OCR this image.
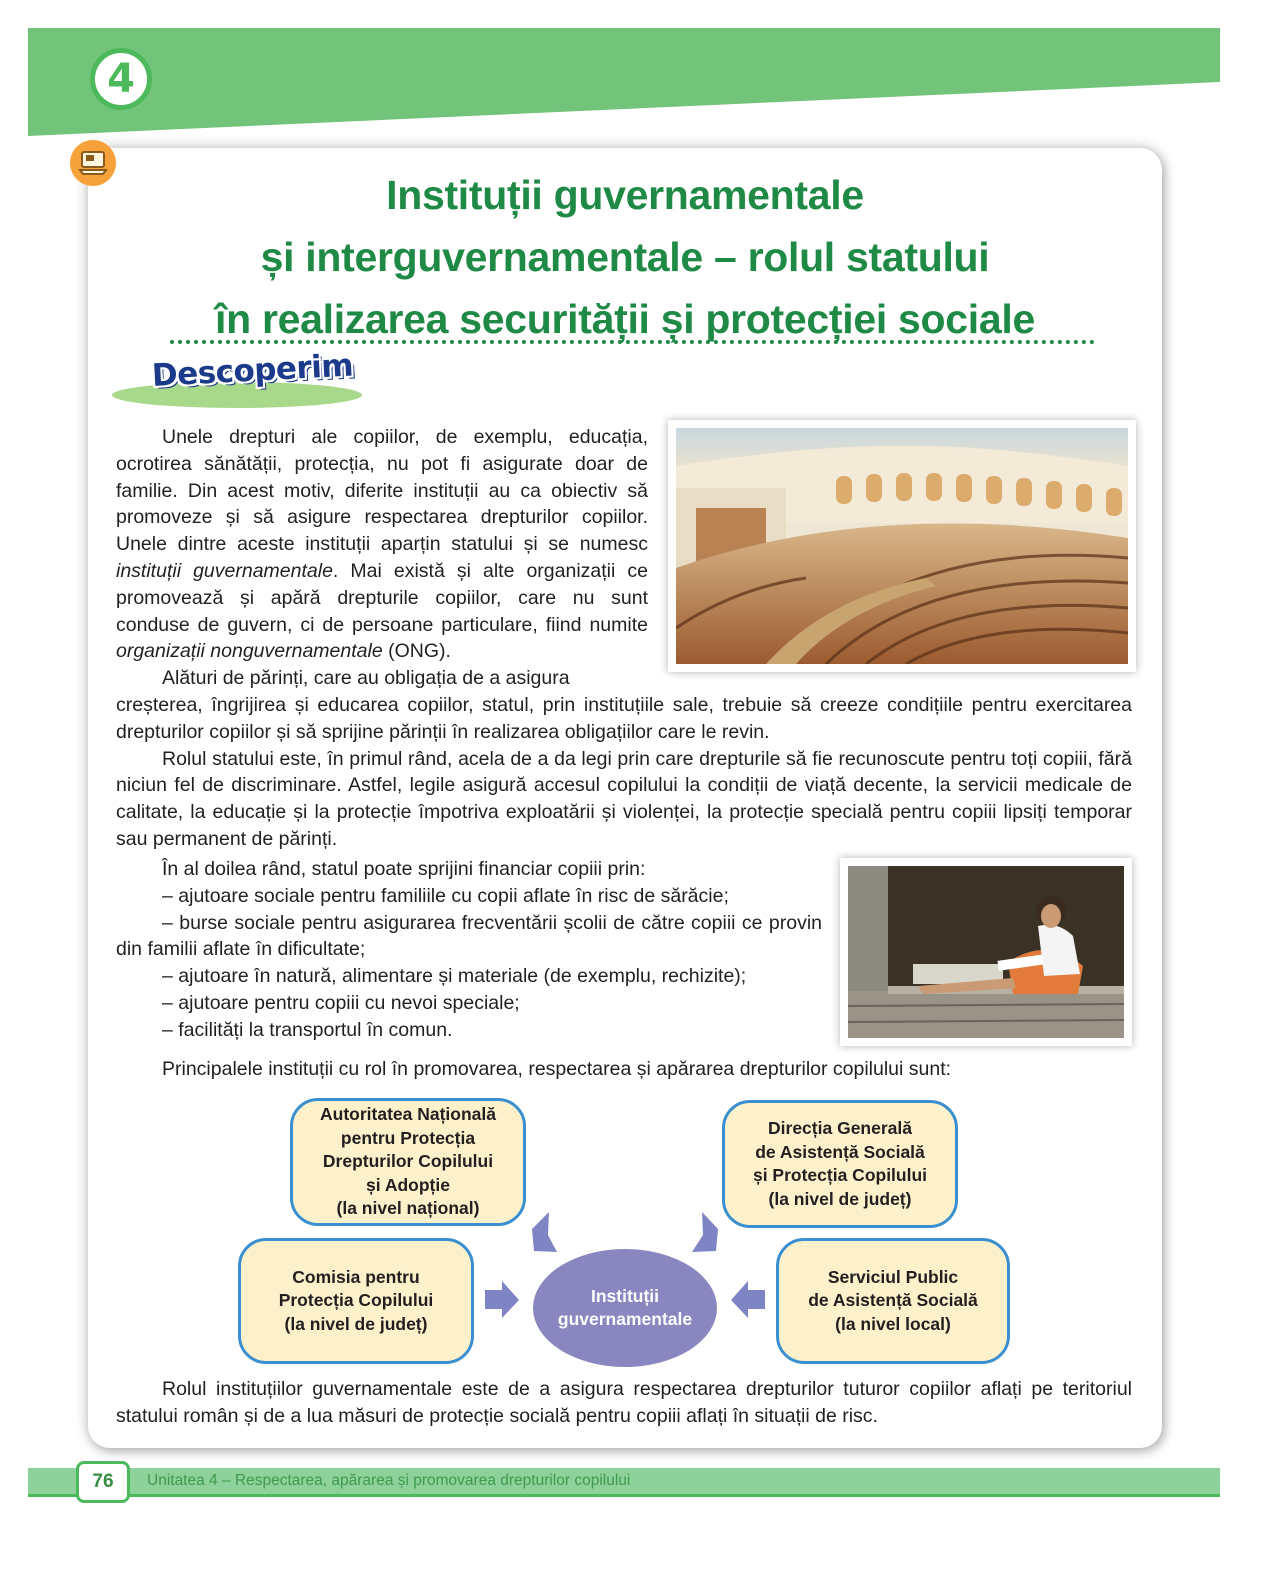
4
Instituții guvernamentale
și interguvernamentale – rolul statului
în realizarea securității și protecției sociale
Descoperim

Unele drepturi ale copiilor, de exemplu, educația, ocrotirea sănătății, protecția, nu pot fi asigurate doar de familie. Din acest motiv, diferite instituții au ca obiectiv să promoveze și să asigure respectarea drepturilor copiilor. Unele dintre aceste instituții aparțin statului și se numesc instituții guvernamentale. Mai există și alte organizații ce promovează și apără drepturile copiilor, care nu sunt conduse de guvern, ci de persoane particulare, fiind numite organizații nonguvernamentale (ONG).

Alături de părinți, care au obligația de a asigura

creșterea, îngrijirea și educarea copiilor, statul, prin instituțiile sale, trebuie să creeze condițiile pentru exercitarea drepturilor copiilor și să sprijine părinții în realizarea obligațiilor care le revin.

Rolul statului este, în primul rând, acela de a da legi prin care drepturile să fie recunoscute pentru toți copiii, fără niciun fel de discriminare. Astfel, legile asigură accesul copilului la condiții de viață decente, la servicii medicale de calitate, la educație și la protecție împotriva exploatării și violenței, la protecție specială pentru copiii lipsiți temporar sau permanent de părinți.

În al doilea rând, statul poate sprijini financiar copiii prin:

– ajutoare sociale pentru familiile cu copii aflate în risc de sărăcie;

– burse sociale pentru asigurarea frecventării școlii de către copiii ce provin din familii aflate în dificultate;

– ajutoare în natură, alimentare și materiale (de exemplu, rechizite);

– ajutoare pentru copiii cu nevoi speciale;

– facilități la transportul în comun.

Principalele instituții cu rol în promovarea, respectarea și apărarea drepturilor copilului sunt:

Rolul instituțiilor guvernamentale este de a asigura respectarea drepturilor tuturor copiilor aflați pe teritoriul statului român și de a lua măsuri de protecție socială pentru copiii aflați în situații de risc.

Autoritatea Națională
pentru Protecția
Drepturilor Copilului
și Adopție
(la nivel național)
Direcția Generală
de Asistență Socială
și Protecția Copilului
(la nivel de județ)
Comisia pentru
Protecția Copilului
(la nivel de județ)
Serviciul Public
de Asistență Socială
(la nivel local)
Instituții
guvernamentale
76	Unitatea 4 – Respectarea, apărarea și promovarea drepturilor copilului
